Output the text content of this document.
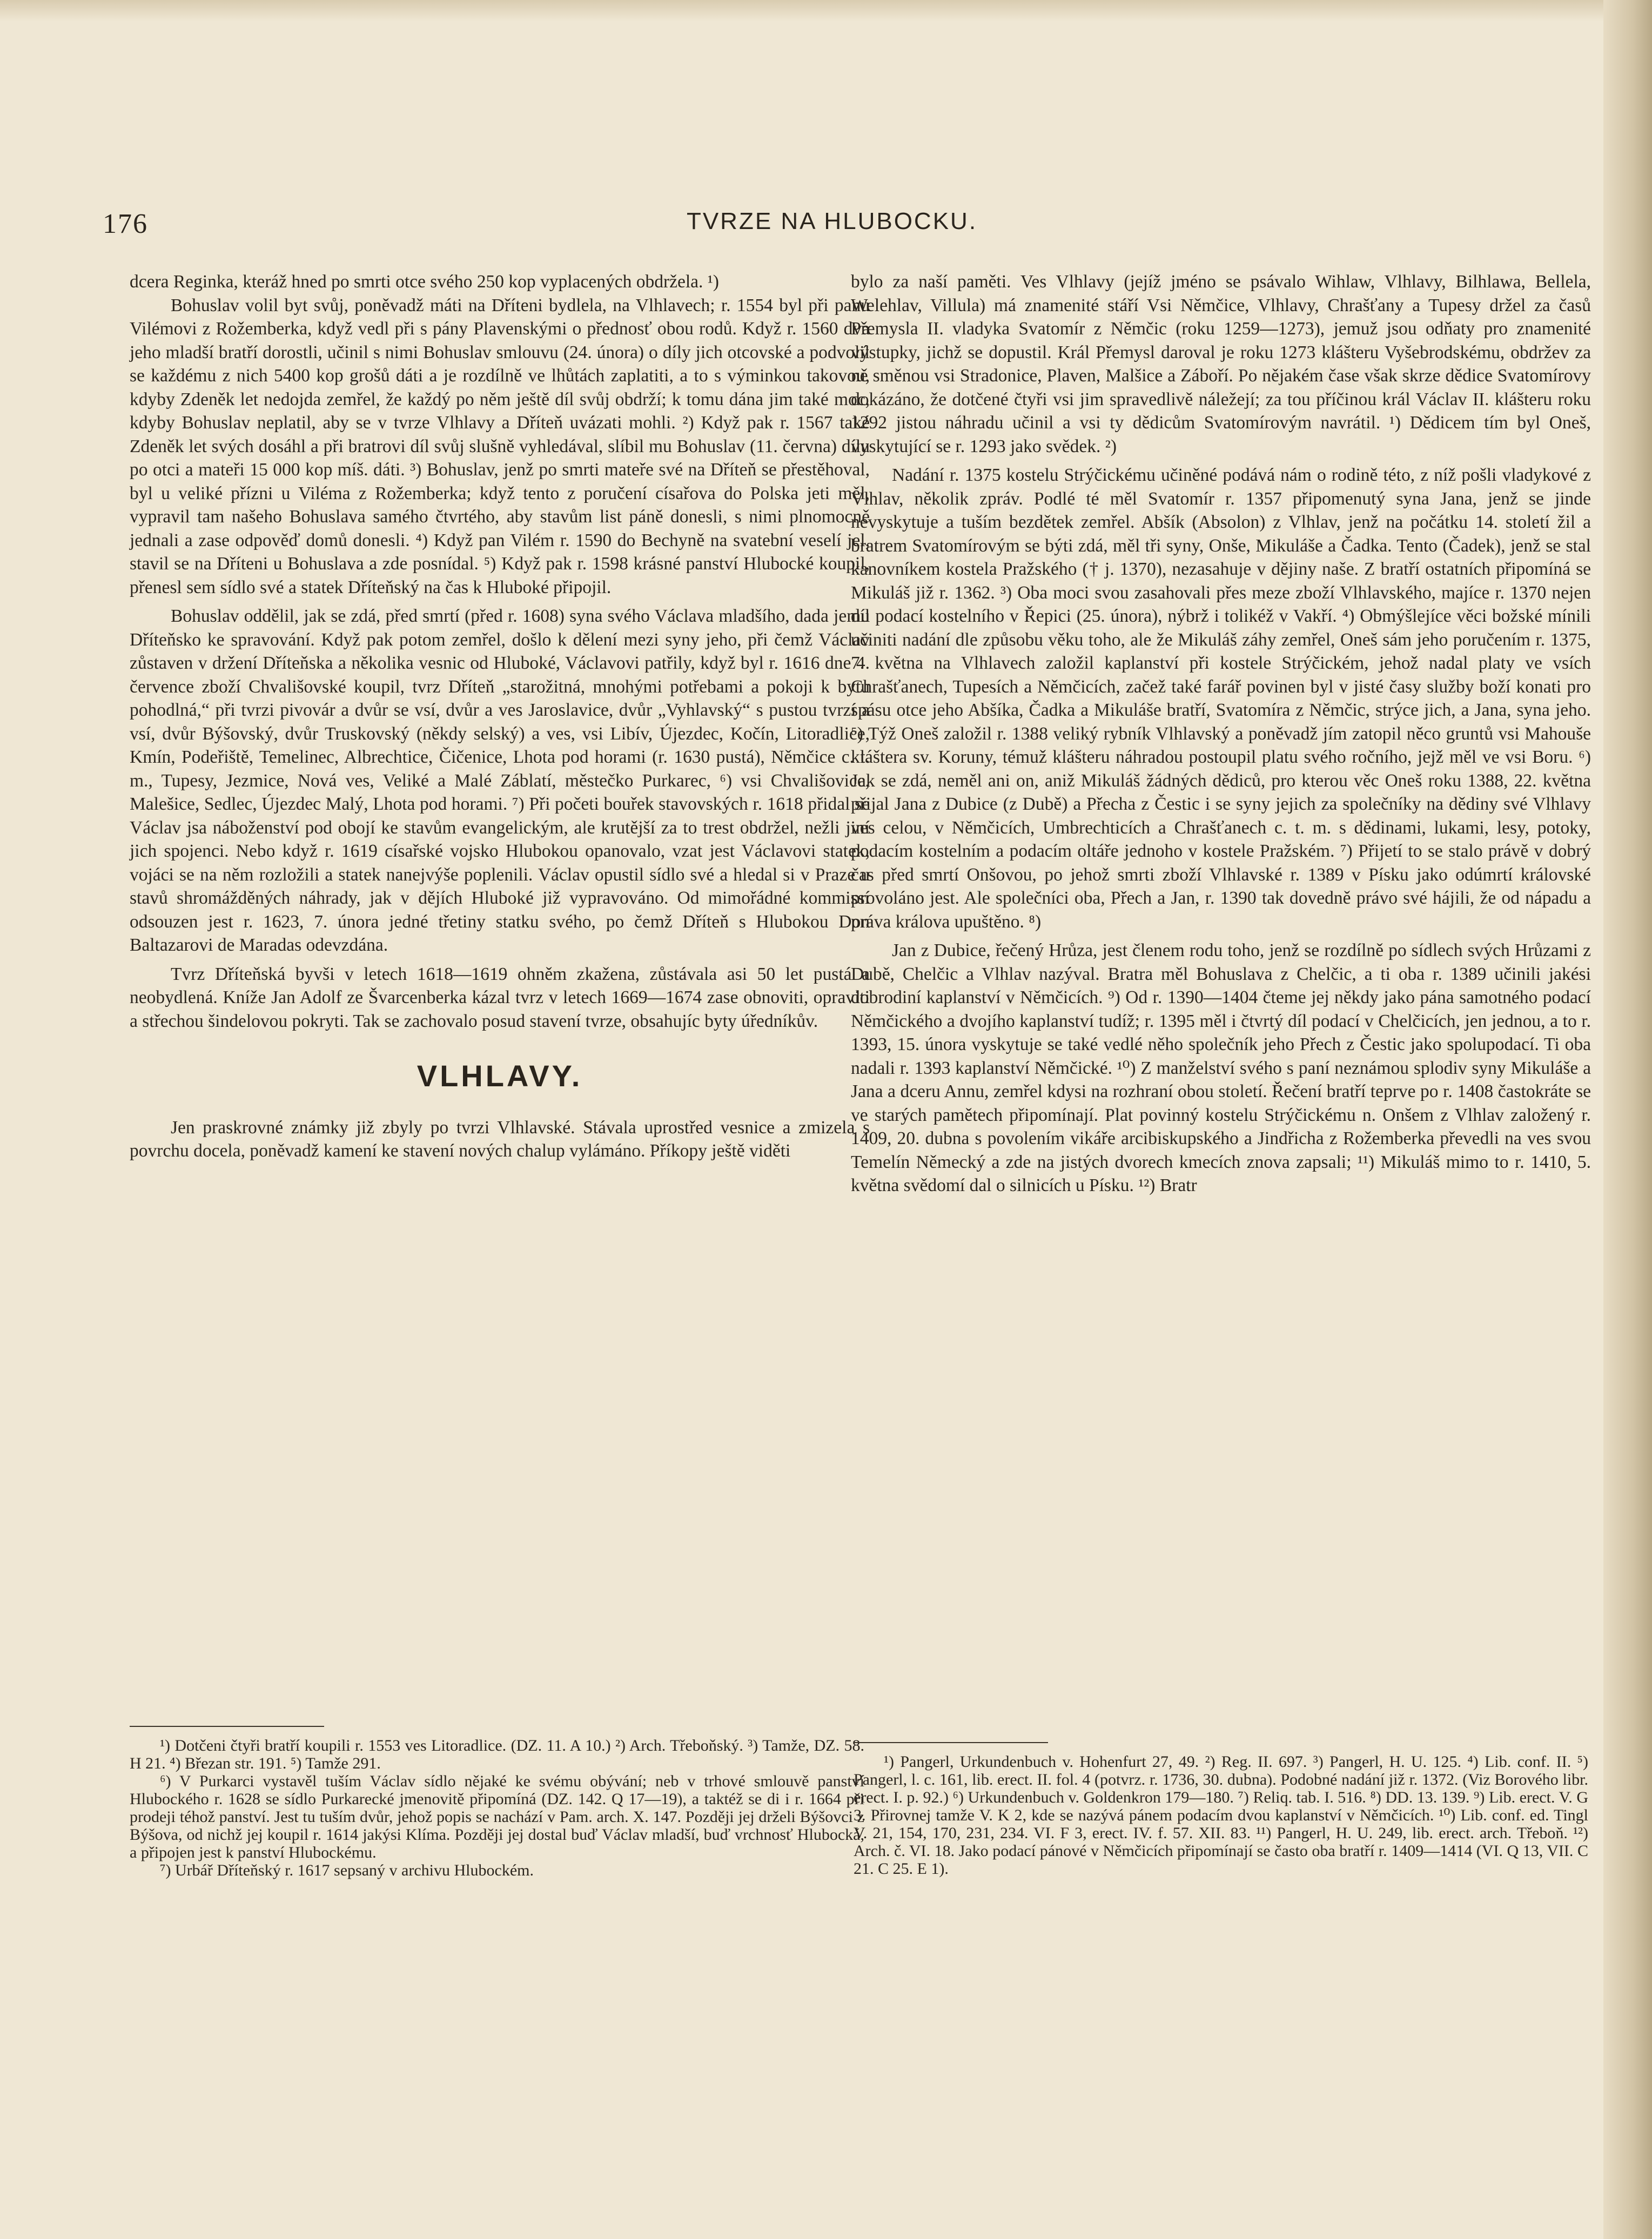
176	TVRZE NA HLUBOCKU.

dcera Reginka, kteráž hned po smrti otce svého 250 kop vyplacených obdržela. ¹)

Bohuslav volil byt svůj, poněvadž máti na Dříteni bydlela, na Vlhlavech; r. 1554 byl při panu Vilémovi z Rožemberka, když vedl při s pány Plavenskými o přednosť obou rodů. Když r. 1560 dva jeho mladší bratří dorostli, učinil s nimi Bohuslav smlouvu (24. února) o díly jich otcovské a podvolil se každému z nich 5400 kop grošů dáti a je rozdílně ve lhůtách zaplatiti, a to s výminkou takovou, kdyby Zdeněk let nedojda zemřel, že každý po něm ještě díl svůj obdrží; k tomu dána jim také moc, kdyby Bohuslav neplatil, aby se v tvrze Vlhlavy a Dříteň uvázati mohli. ²) Když pak r. 1567 také Zdeněk let svých dosáhl a při bratrovi díl svůj slušně vyhledával, slíbil mu Bohuslav (11. června) dílu po otci a mateři 15 000 kop míš. dáti. ³) Bohuslav, jenž po smrti mateře své na Dříteň se přestěhoval, byl u veliké přízni u Viléma z Rožemberka; když tento z poručení císařova do Polska jeti měl, vypravil tam našeho Bohuslava samého čtvrtého, aby stavům list páně donesli, s nimi plnomocně jednali a zase odpověď domů donesli. ⁴) Když pan Vilém r. 1590 do Bechyně na svatební veselí jel, stavil se na Dříteni u Bohuslava a zde posnídal. ⁵) Když pak r. 1598 krásné panství Hlubocké koupil, přenesl sem sídlo své a statek Dříteňský na čas k Hluboké připojil.

Bohuslav oddělil, jak se zdá, před smrtí (před r. 1608) syna svého Václava mladšího, dada jemu Dříteňsko ke spravování. Když pak potom zemřel, došlo k dělení mezi syny jeho, při čemž Václav zůstaven v držení Dříteňska a několika vesnic od Hluboké, Václavovi patřily, když byl r. 1616 dne 4. července zboží Chvališovské koupil, tvrz Dříteň „starožitná, mnohými potřebami a pokoji k bytu pohodlná,“ při tvrzi pivovár a dvůr se vsí, dvůr a ves Jaroslavice, dvůr „Vyhlavský“ s pustou tvrzí a vsí, dvůr Býšovský, dvůr Truskovský (někdy selský) a ves, vsi Libív, Újezdec, Kočín, Litoradlice, Kmín, Podeřiště, Temelinec, Albrechtice, Čičenice, Lhota pod horami (r. 1630 pustá), Němčice c. t. m., Tupesy, Jezmice, Nová ves, Veliké a Malé Záblatí, městečko Purkarec, ⁶) vsi Chvališovice, Malešice, Sedlec, Újezdec Malý, Lhota pod horami. ⁷) Při početi bouřek stavovských r. 1618 přidal se Václav jsa náboženství pod obojí ke stavům evangelickým, ale krutější za to trest obdržel, nežli jiní jich spojenci. Nebo když r. 1619 císařské vojsko Hlubokou opanovalo, vzat jest Václavovi statek, vojáci se na něm rozložili a statek nanejvýše poplenili. Václav opustil sídlo své a hledal si v Praze u stavů shromážděných náhrady, jak v dějích Hluboké již vypravováno. Od mimořádné kommissí odsouzen jest r. 1623, 7. února jedné třetiny statku svého, po čemž Dříteň s Hlubokou Don Baltazarovi de Maradas odevzdána.

Tvrz Dříteňská byvši v letech 1618—1619 ohněm zkažena, zůstávala asi 50 let pustá a neobydlená. Kníže Jan Adolf ze Švarcenberka kázal tvrz v letech 1669—1674 zase obnoviti, opraviti a střechou šindelovou pokryti. Tak se zachovalo posud stavení tvrze, obsahujíc byty úředníkův.

VLHLAVY.

Jen praskrovné známky již zbyly po tvrzi Vlhlavské. Stávala uprostřed vesnice a zmizela s povrchu docela, poněvadž kamení ke stavení nových chalup vylámáno. Příkopy ještě viděti

bylo za naší paměti. Ves Vlhlavy (jejíž jméno se psávalo Wihlaw, Vlhlavy, Bilhlawa, Bellela, Welehlav, Villula) má znamenité stáří Vsi Němčice, Vlhlavy, Chrašťany a Tupesy držel za časů Přemysla II. vladyka Svatomír z Němčic (roku 1259—1273), jemuž jsou odňaty pro znamenité výstupky, jichž se dopustil. Král Přemysl daroval je roku 1273 klášteru Vyšebrodskému, obdržev za ně směnou vsi Stradonice, Plaven, Malšice a Záboří. Po nějakém čase však skrze dědice Svatomírovy dokázáno, že dotčené čtyři vsi jim spravedlivě náležejí; za tou příčinou král Václav II. klášteru roku 1292 jistou náhradu učinil a vsi ty dědicům Svatomírovým navrátil. ¹) Dědicem tím byl Oneš, vyskytující se r. 1293 jako svědek. ²)

Nadání r. 1375 kostelu Strýčickému učiněné podává nám o rodině této, z níž pošli vladykové z Vlhlav, několik zpráv. Podlé té měl Svatomír r. 1357 připomenutý syna Jana, jenž se jinde nevyskytuje a tuším bezdětek zemřel. Abšík (Absolon) z Vlhlav, jenž na počátku 14. století žil a bratrem Svatomírovým se býti zdá, měl tři syny, Onše, Mikuláše a Čadka. Tento (Čadek), jenž se stal kanovníkem kostela Pražského († j. 1370), nezasahuje v dějiny naše. Z bratří ostatních připomíná se Mikuláš již r. 1362. ³) Oba moci svou zasahovali přes meze zboží Vlhlavského, majíce r. 1370 nejen díl podací kostelního v Řepici (25. února), nýbrž i tolikéž v Vakří. ⁴) Obmýšlejíce věci božské mínili učiniti nadání dle způsobu věku toho, ale že Mikuláš záhy zemřel, Oneš sám jeho poručením r. 1375, 7. května na Vlhlavech založil kaplanství při kostele Strýčickém, jehož nadal platy ve vsích Chrašťanech, Tupesích a Němčicích, začež také farář povinen byl v jisté časy služby boží konati pro spásu otce jeho Abšíka, Čadka a Mikuláše bratří, Svatomíra z Němčic, strýce jich, a Jana, syna jeho. ⁵) Týž Oneš založil r. 1388 veliký rybník Vlhlavský a poněvadž jím zatopil něco gruntů vsi Mahouše kláštera sv. Koruny, témuž klášteru náhradou postoupil platu svého ročního, jejž měl ve vsi Boru. ⁶) Jak se zdá, neměl ani on, aniž Mikuláš žádných dědiců, pro kterou věc Oneš roku 1388, 22. května přijal Jana z Dubice (z Dubě) a Přecha z Čestic i se syny jejich za společníky na dědiny své Vlhlavy ves celou, v Němčicích, Umbrechticích a Chrašťanech c. t. m. s dědinami, lukami, lesy, potoky, podacím kostelním a podacím oltáře jednoho v kostele Pražském. ⁷) Přijetí to se stalo právě v dobrý čas před smrtí Onšovou, po jehož smrti zboží Vlhlavské r. 1389 v Písku jako odúmrtí královské provoláno jest. Ale společníci oba, Přech a Jan, r. 1390 tak dovedně právo své hájili, že od nápadu a práva králova upuštěno. ⁸)

Jan z Dubice, řečený Hrůza, jest členem rodu toho, jenž se rozdílně po sídlech svých Hrůzami z Dubě, Chelčic a Vlhlav nazýval. Bratra měl Bohuslava z Chelčic, a ti oba r. 1389 učinili jakési dobrodiní kaplanství v Němčicích. ⁹) Od r. 1390—1404 čteme jej někdy jako pána samotného podací Němčického a dvojího kaplanství tudíž; r. 1395 měl i čtvrtý díl podací v Chelčicích, jen jednou, a to r. 1393, 15. února vyskytuje se také vedlé něho společník jeho Přech z Čestic jako spolupodací. Ti oba nadali r. 1393 kaplanství Němčické. ¹⁰) Z manželství svého s paní neznámou splodiv syny Mikuláše a Jana a dceru Annu, zemřel kdysi na rozhraní obou století. Řečení bratří teprve po r. 1408 častokráte se ve starých pamětech připomínají. Plat povinný kostelu Strýčickému n. Onšem z Vlhlav založený r. 1409, 20. dubna s povolením vikáře arcibiskupského a Jindřicha z Rožemberka převedli na ves svou Temelín Německý a zde na jistých dvorech kmecích znova zapsali; ¹¹) Mikuláš mimo to r. 1410, 5. května svědomí dal o silnicích u Písku. ¹²) Bratr

¹) Dotčeni čtyři bratří koupili r. 1553 ves Litoradlice. (DZ. 11. A 10.) ²) Arch. Třeboňský. ³) Tamže, DZ. 58. H 21. ⁴) Březan str. 191. ⁵) Tamže 291.

⁶) V Purkarci vystavěl tuším Václav sídlo nějaké ke svému obývání; neb v trhové smlouvě panství Hlubockého r. 1628 se sídlo Purkarecké jmenovitě připomíná (DZ. 142. Q 17—19), a taktéž se di i r. 1664 při prodeji téhož panství. Jest tu tuším dvůr, jehož popis se nachází v Pam. arch. X. 147. Později jej drželi Býšovci z Býšova, od nichž jej koupil r. 1614 jakýsi Klíma. Později jej dostal buď Václav mladší, buď vrchnosť Hlubocká, a připojen jest k panství Hlubockému.

⁷) Urbář Dříteňský r. 1617 sepsaný v archivu Hlubockém.

¹) Pangerl, Urkundenbuch v. Hohenfurt 27, 49. ²) Reg. II. 697. ³) Pangerl, H. U. 125. ⁴) Lib. conf. II. ⁵) Pangerl, l. c. 161, lib. erect. II. fol. 4 (potvrz. r. 1736, 30. dubna). Podobné nadání již r. 1372. (Viz Borového libr. erect. I. p. 92.) ⁶) Urkundenbuch v. Goldenkron 179—180. ⁷) Reliq. tab. I. 516. ⁸) DD. 13. 139. ⁹) Lib. erect. V. G 3. Přirovnej tamže V. K 2, kde se nazývá pánem podacím dvou kaplanství v Němčicích. ¹⁰) Lib. conf. ed. Tingl V. 21, 154, 170, 231, 234. VI. F 3, erect. IV. f. 57. XII. 83. ¹¹) Pangerl, H. U. 249, lib. erect. arch. Třeboň. ¹²) Arch. č. VI. 18. Jako podací pánové v Němčicích připomínají se často oba bratří r. 1409—1414 (VI. Q 13, VII. C 21. C 25. E 1).
